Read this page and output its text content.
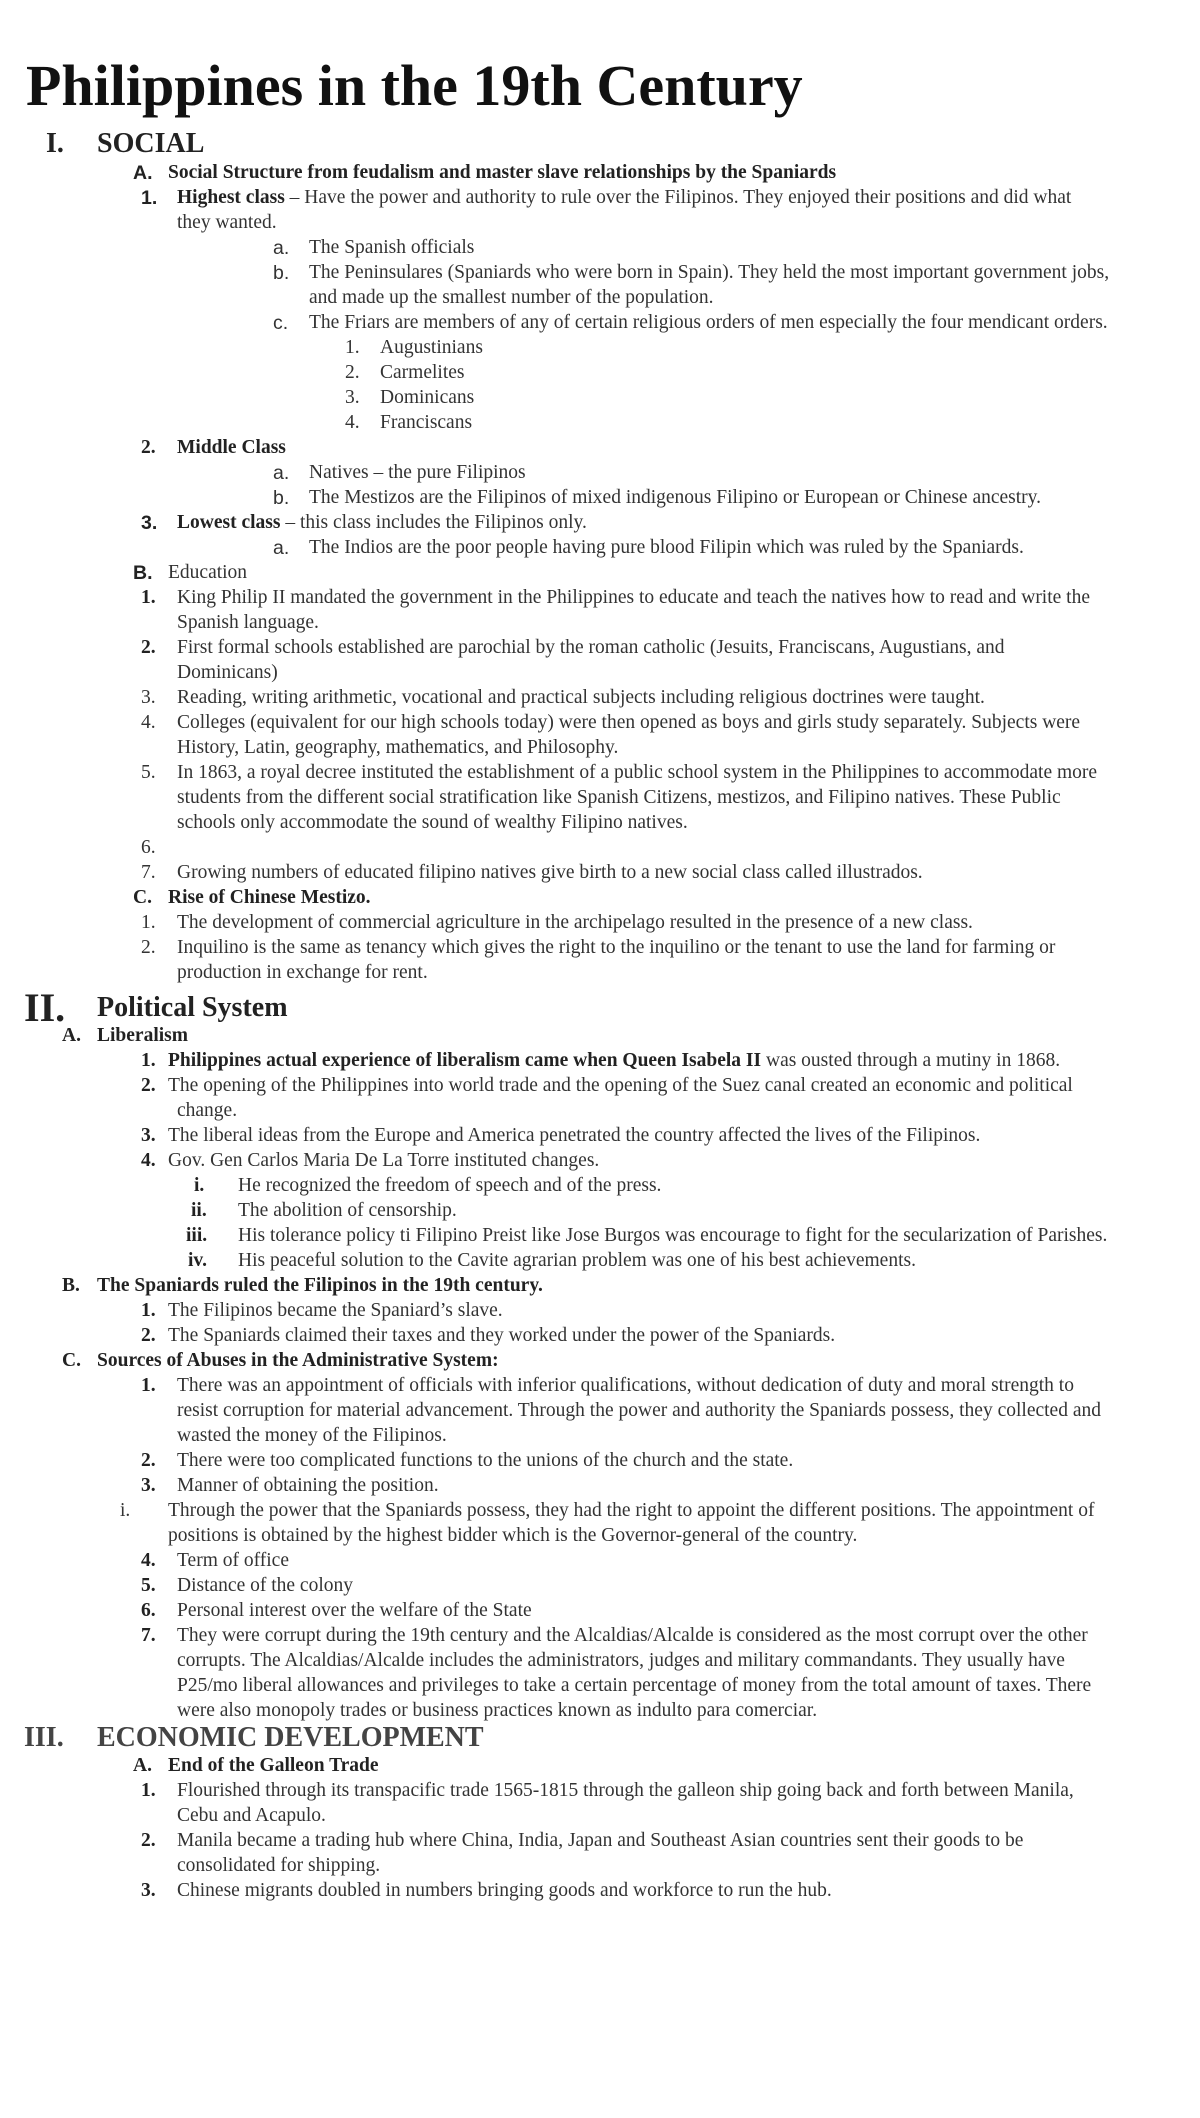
Philippines in the 19th Century
I. SOCIAL
A. Social Structure from feudalism and master slave relationships by the Spaniards
1. Highest class – Have the power and authority to rule over the Filipinos. They enjoyed their positions and did what
they wanted.
a. The Spanish officials
b. The Peninsulares (Spaniards who were born in Spain). They held the most important government jobs,
and made up the smallest number of the population.
c. The Friars are members of any of certain religious orders of men especially the four mendicant orders.
1. Augustinians
2. Carmelites
3. Dominicans
4. Franciscans
2. Middle Class
a. Natives – the pure Filipinos
b. The Mestizos are the Filipinos of mixed indigenous Filipino or European or Chinese ancestry.
3. Lowest class – this class includes the Filipinos only.
a. The Indios are the poor people having pure blood Filipin which was ruled by the Spaniards.
B. Education
1. King Philip II mandated the government in the Philippines to educate and teach the natives how to read and write the
Spanish language.
2. First formal schools established are parochial by the roman catholic (Jesuits, Franciscans, Augustians, and
Dominicans)
3. Reading, writing arithmetic, vocational and practical subjects including religious doctrines were taught.
4. Colleges (equivalent for our high schools today) were then opened as boys and girls study separately. Subjects were
History, Latin, geography, mathematics, and Philosophy.
5. In 1863, a royal decree instituted the establishment of a public school system in the Philippines to accommodate more
students from the different social stratification like Spanish Citizens, mestizos, and Filipino natives. These Public
schools only accommodate the sound of wealthy Filipino natives.
6.
7. Growing numbers of educated filipino natives give birth to a new social class called illustrados.
C. Rise of Chinese Mestizo.
1. The development of commercial agriculture in the archipelago resulted in the presence of a new class.
2. Inquilino is the same as tenancy which gives the right to the inquilino or the tenant to use the land for farming or
production in exchange for rent.
II. Political System
A. Liberalism
1. Philippines actual experience of liberalism came when Queen Isabela II was ousted through a mutiny in 1868.
2. The opening of the Philippines into world trade and the opening of the Suez canal created an economic and political
change.
3. The liberal ideas from the Europe and America penetrated the country affected the lives of the Filipinos.
4. Gov. Gen Carlos Maria De La Torre instituted changes.
i. He recognized the freedom of speech and of the press.
ii. The abolition of censorship.
iii. His tolerance policy ti Filipino Preist like Jose Burgos was encourage to fight for the secularization of Parishes.
iv. His peaceful solution to the Cavite agrarian problem was one of his best achievements.
B. The Spaniards ruled the Filipinos in the 19th century.
1. The Filipinos became the Spaniard’s slave.
2. The Spaniards claimed their taxes and they worked under the power of the Spaniards.
C. Sources of Abuses in the Administrative System:
1. There was an appointment of officials with inferior qualifications, without dedication of duty and moral strength to
resist corruption for material advancement. Through the power and authority the Spaniards possess, they collected and
wasted the money of the Filipinos.
2. There were too complicated functions to the unions of the church and the state.
3. Manner of obtaining the position.
i. Through the power that the Spaniards possess, they had the right to appoint the different positions. The appointment of
positions is obtained by the highest bidder which is the Governor-general of the country.
4. Term of office
5. Distance of the colony
6. Personal interest over the welfare of the State
7. They were corrupt during the 19th century and the Alcaldias/Alcalde is considered as the most corrupt over the other
corrupts. The Alcaldias/Alcalde includes the administrators, judges and military commandants. They usually have
P25/mo liberal allowances and privileges to take a certain percentage of money from the total amount of taxes. There
were also monopoly trades or business practices known as indulto para comerciar.
III. ECONOMIC DEVELOPMENT
A. End of the Galleon Trade
1. Flourished through its transpacific trade 1565-1815 through the galleon ship going back and forth between Manila,
Cebu and Acapulo.
2. Manila became a trading hub where China, India, Japan and Southeast Asian countries sent their goods to be
consolidated for shipping.
3. Chinese migrants doubled in numbers bringing goods and workforce to run the hub.
